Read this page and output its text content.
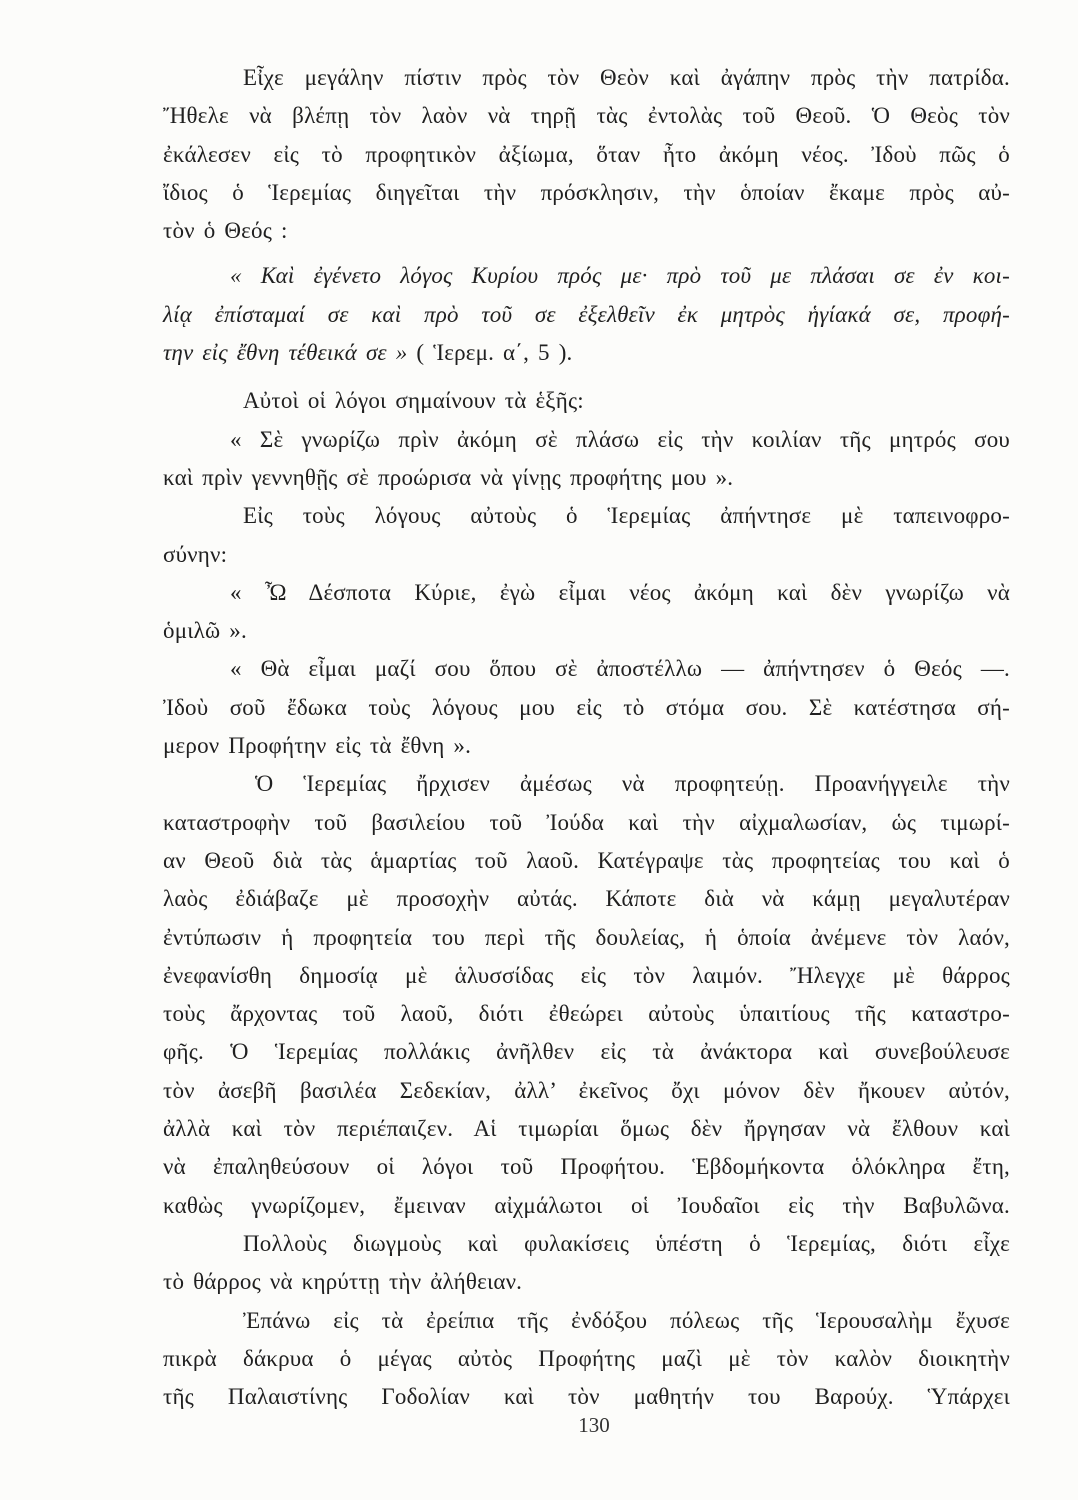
Εἶχε μεγάλην πίστιν πρὸς τὸν Θεὸν καὶ ἀγάπην πρὸς τὴν πατρίδα.
Ἤθελε νὰ βλέπῃ τὸν λαὸν νὰ τηρῇ τὰς ἐντολὰς τοῦ Θεοῦ. Ὁ Θεὸς τὸν
ἐκάλεσεν εἰς τὸ προφητικὸν ἀξίωμα, ὅταν ἦτο ἀκόμη νέος. Ἰδοὺ πῶς ὁ
ἴδιος ὁ Ἱερεμίας διηγεῖται τὴν πρόσκλησιν, τὴν ὁποίαν ἔκαμε πρὸς αὐ-
τὸν ὁ Θεός :
« Καὶ ἐγένετο λόγος Κυρίου πρός με· πρὸ τοῦ με πλάσαι σε ἐν κοι-
λίᾳ ἐπίσταμαί σε καὶ πρὸ τοῦ σε ἐξελθεῖν ἐκ μητρὸς ἡγίακά σε, προφή-
την εἰς ἔθνη τέθεικά σε » ( Ἱερεμ. α΄, 5 ).
Αὐτοὶ οἱ λόγοι σημαίνουν τὰ ἑξῆς:
« Σὲ γνωρίζω πρὶν ἀκόμη σὲ πλάσω εἰς τὴν κοιλίαν τῆς μητρός σου
καὶ πρὶν γεννηθῇς σὲ προώρισα νὰ γίνῃς προφήτης μου ».
Εἰς τοὺς λόγους αὐτοὺς ὁ Ἱερεμίας ἀπήντησε μὲ ταπεινοφρο-
σύνην:
« Ὦ Δέσποτα Κύριε, ἐγὼ εἶμαι νέος ἀκόμη καὶ δὲν γνωρίζω νὰ
ὁμιλῶ ».
« Θὰ εἶμαι μαζί σου ὅπου σὲ ἀποστέλλω — ἀπήντησεν ὁ Θεός —.
Ἰδοὺ σοῦ ἔδωκα τοὺς λόγους μου εἰς τὸ στόμα σου. Σὲ κατέστησα σή-
μερον Προφήτην εἰς τὰ ἔθνη ».
Ὁ Ἱερεμίας ἤρχισεν ἀμέσως νὰ προφητεύῃ. Προανήγγειλε τὴν
καταστροφὴν τοῦ βασιλείου τοῦ Ἰούδα καὶ τὴν αἰχμαλωσίαν, ὡς τιμωρί-
αν Θεοῦ διὰ τὰς ἁμαρτίας τοῦ λαοῦ. Κατέγραψε τὰς προφητείας του καὶ ὁ
λαὸς ἐδιάβαζε μὲ προσοχὴν αὐτάς. Κάποτε διὰ νὰ κάμῃ μεγαλυτέραν
ἐντύπωσιν ἡ προφητεία του περὶ τῆς δουλείας, ἡ ὁποία ἀνέμενε τὸν λαόν,
ἐνεφανίσθη δημοσίᾳ μὲ ἁλυσσίδας εἰς τὸν λαιμόν. Ἤλεγχε μὲ θάρρος
τοὺς ἄρχοντας τοῦ λαοῦ, διότι ἐθεώρει αὐτοὺς ὑπαιτίους τῆς καταστρο-
φῆς. Ὁ Ἱερεμίας πολλάκις ἀνῆλθεν εἰς τὰ ἀνάκτορα καὶ συνεβούλευσε
τὸν ἀσεβῆ βασιλέα Σεδεκίαν, ἀλλ’ ἐκεῖνος ὄχι μόνον δὲν ἤκουεν αὐτόν,
ἀλλὰ καὶ τὸν περιέπαιζεν. Αἱ τιμωρίαι ὅμως δὲν ἤργησαν νὰ ἔλθουν καὶ
νὰ ἐπαληθεύσουν οἱ λόγοι τοῦ Προφήτου. Ἑβδομήκοντα ὁλόκληρα ἔτη,
καθὼς γνωρίζομεν, ἔμειναν αἰχμάλωτοι οἱ Ἰουδαῖοι εἰς τὴν Βαβυλῶνα.
Πολλοὺς διωγμοὺς καὶ φυλακίσεις ὑπέστη ὁ Ἱερεμίας, διότι εἶχε
τὸ θάρρος νὰ κηρύττῃ τὴν ἀλήθειαν.
Ἐπάνω εἰς τὰ ἐρείπια τῆς ἐνδόξου πόλεως τῆς Ἱερουσαλὴμ ἔχυσε
πικρὰ δάκρυα ὁ μέγας αὐτὸς Προφήτης μαζὶ μὲ τὸν καλὸν διοικητὴν
τῆς Παλαιστίνης Γοδολίαν καὶ τὸν μαθητήν του Βαρούχ. Ὑπάρχει
130
